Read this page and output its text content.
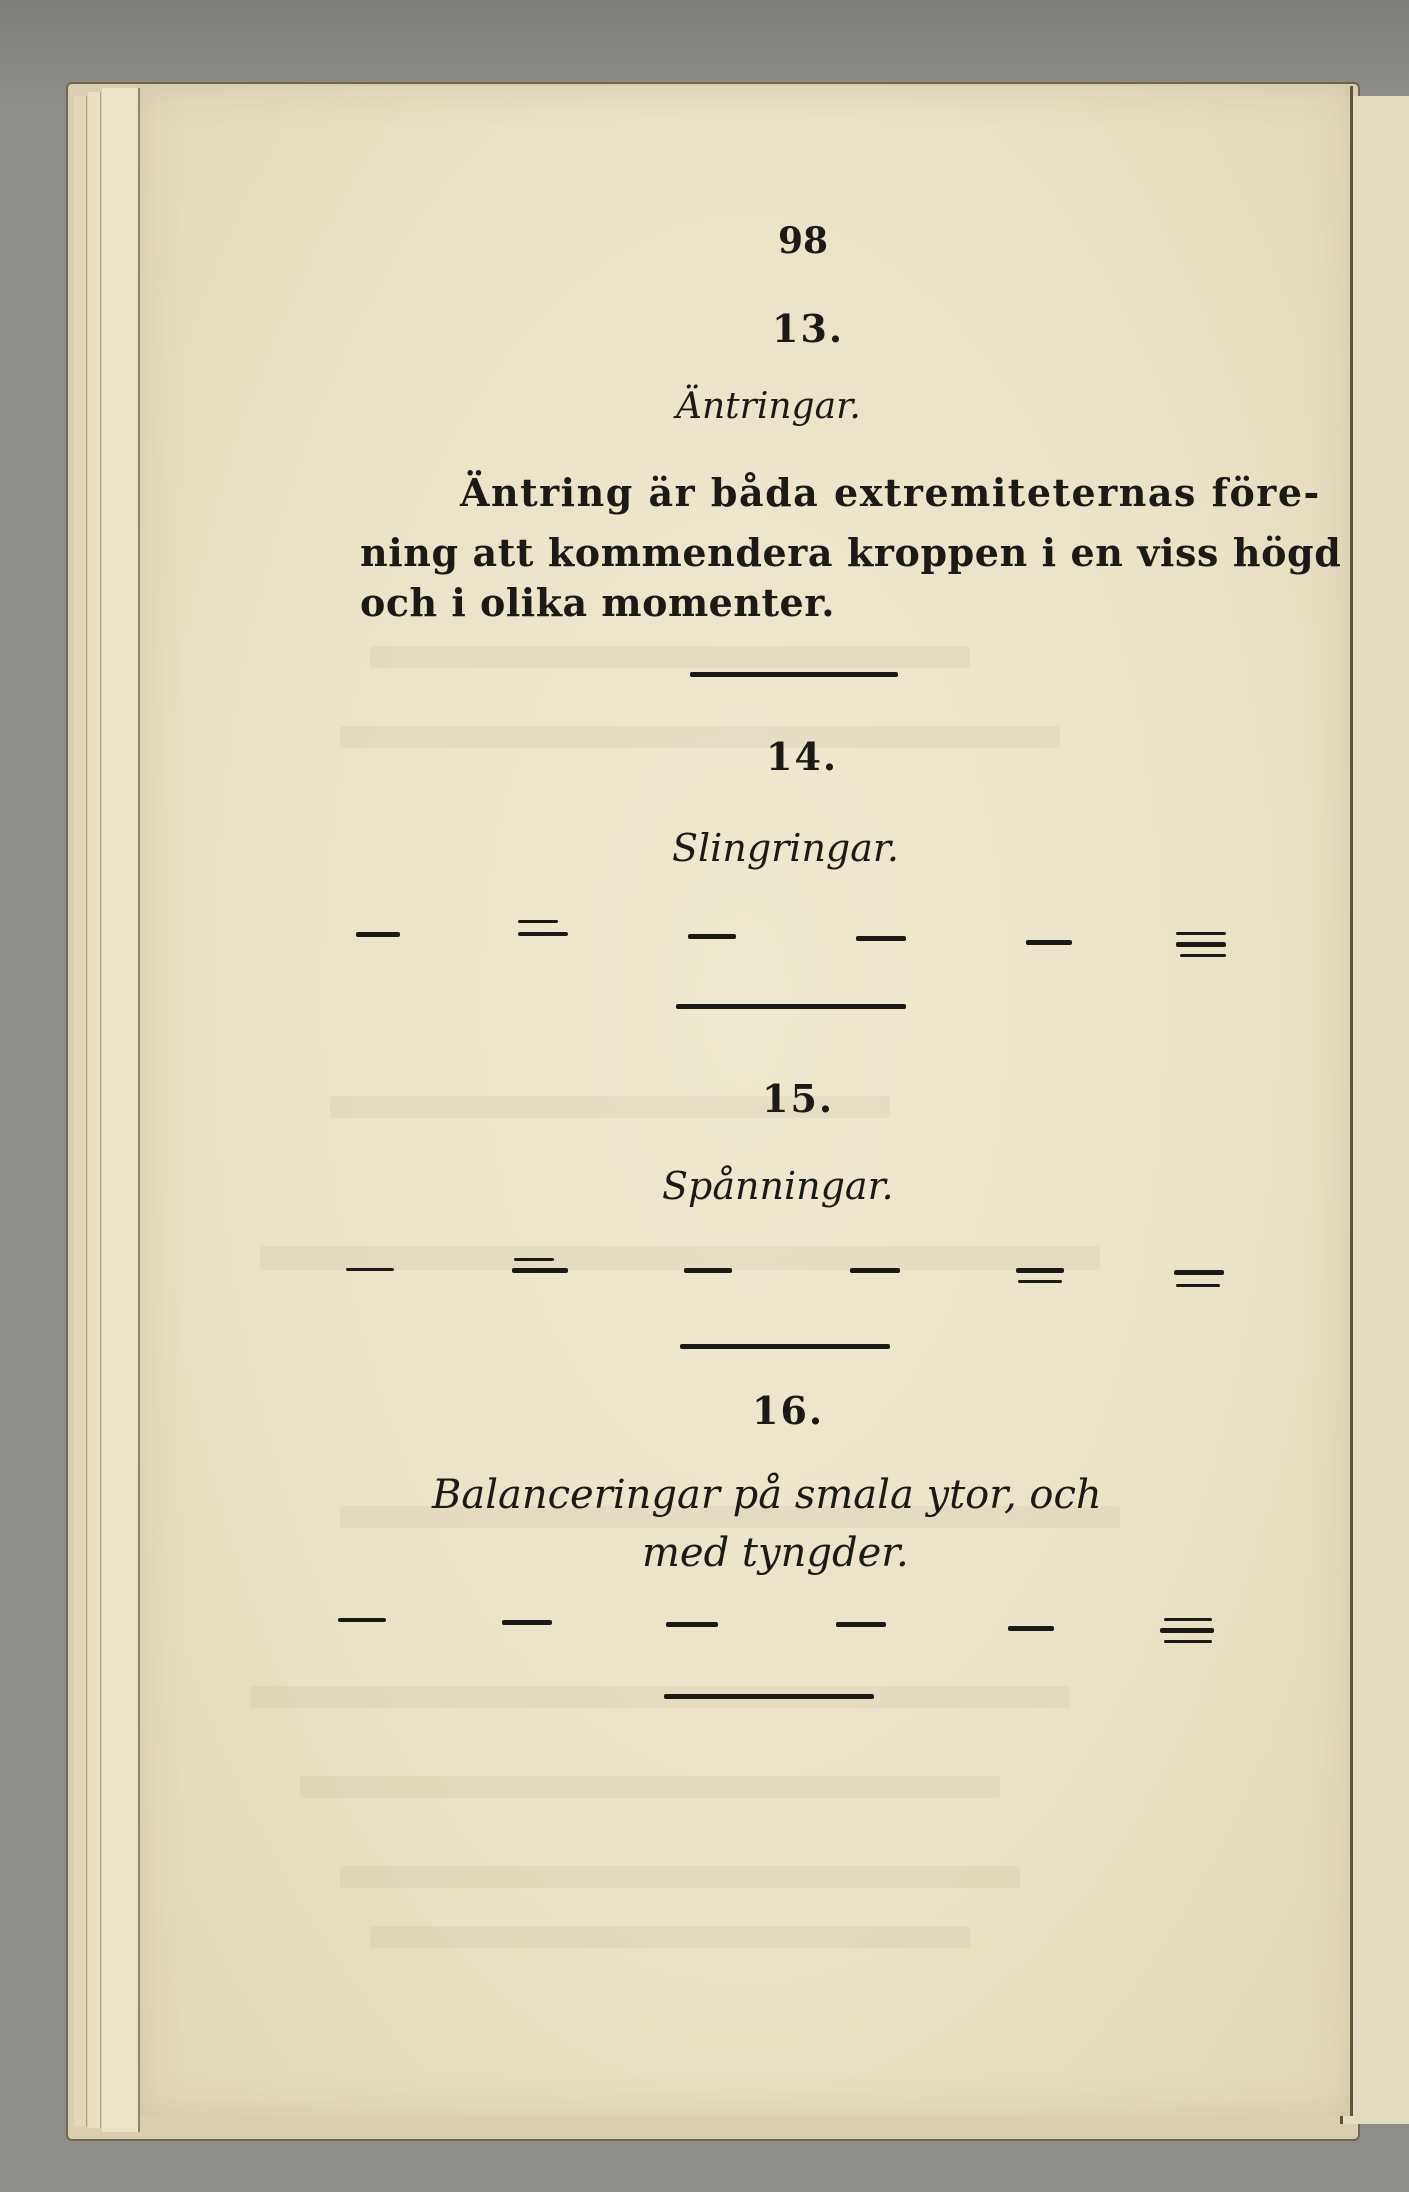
98
13.
Äntringar.
Äntring är båda extremiteternas före-
ning att kommendera kroppen i en viss högd
och i olika momenter.
14.
Slingringar.
15.
Spånningar.
16.
Balanceringar på smala ytor, och
med tyngder.
